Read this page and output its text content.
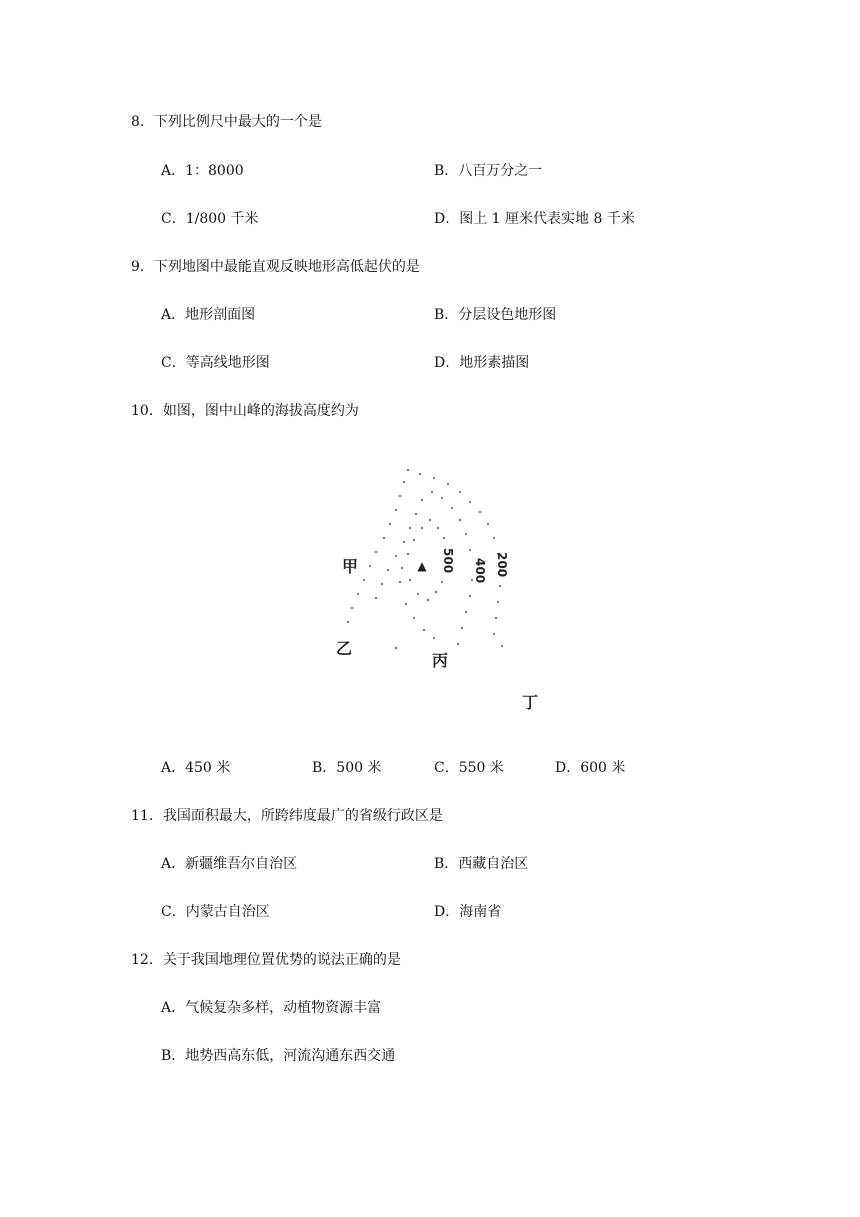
8．下列比例尺中最大的一个是
A．1：8000	B．八百万分之一
C．1/800 千米	D．图上 1 厘米代表实地 8 千米
9．下列地图中最能直观反映地形高低起伏的是
A．地形剖面图	B．分层设色地形图
C．等高线地形图	D．地形素描图
10．如图，图中山峰的海拔高度约为
▲ 500 400 200
甲
乙
丙
丁
A．450 米	B．500 米	C．550 米	D．600 米
11．我国面积最大，所跨纬度最广的省级行政区是
A．新疆维吾尔自治区	B．西藏自治区
C．内蒙古自治区	D．海南省
12．关于我国地理位置优势的说法正确的是
A．气候复杂多样，动植物资源丰富
B．地势西高东低，河流沟通东西交通
